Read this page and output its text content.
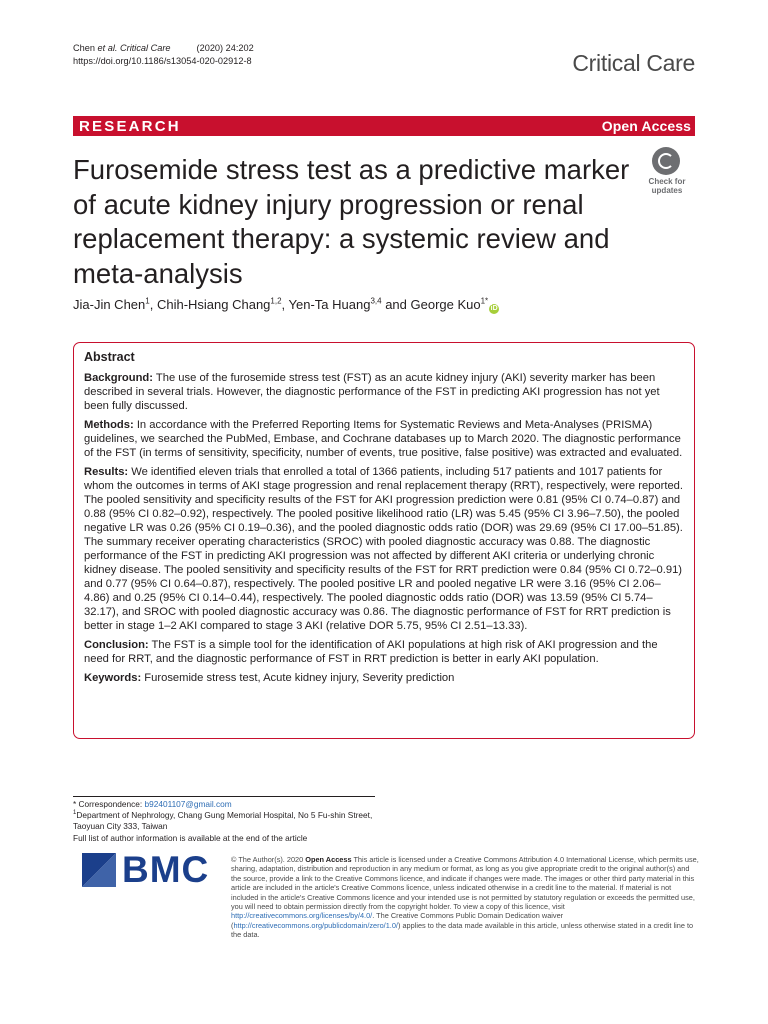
Chen et al. Critical Care	(2020) 24:202
https://doi.org/10.1186/s13054-020-02912-8	Critical Care
RESEARCH	Open Access
Furosemide stress test as a predictive marker of acute kidney injury progression or renal replacement therapy: a systemic review and meta-analysis
Check for
updates
Jia-Jin Chen$^1$, Chih-Hsiang Chang$^{1,2}$, Yen-Ta Huang$^{3,4}$ and George Kuo$^{1*}$iD
Abstract

Background: The use of the furosemide stress test (FST) as an acute kidney injury (AKI) severity marker has been described in several trials. However, the diagnostic performance of the FST in predicting AKI progression has not yet been fully discussed.

Methods: In accordance with the Preferred Reporting Items for Systematic Reviews and Meta-Analyses (PRISMA) guidelines, we searched the PubMed, Embase, and Cochrane databases up to March 2020. The diagnostic performance of the FST (in terms of sensitivity, specificity, number of events, true positive, false positive) was extracted and evaluated.

Results: We identified eleven trials that enrolled a total of 1366 patients, including 517 patients and 1017 patients for whom the outcomes in terms of AKI stage progression and renal replacement therapy (RRT), respectively, were reported. The pooled sensitivity and specificity results of the FST for AKI progression prediction were 0.81 (95% CI 0.74–0.87) and 0.88 (95% CI 0.82–0.92), respectively. The pooled positive likelihood ratio (LR) was 5.45 (95% CI 3.96–7.50), the pooled negative LR was 0.26 (95% CI 0.19–0.36), and the pooled diagnostic odds ratio (DOR) was 29.69 (95% CI 17.00–51.85). The summary receiver operating characteristics (SROC) with pooled diagnostic accuracy was 0.88. The diagnostic performance of the FST in predicting AKI progression was not affected by different AKI criteria or underlying chronic kidney disease. The pooled sensitivity and specificity results of the FST for RRT prediction were 0.84 (95% CI 0.72–0.91) and 0.77 (95% CI 0.64–0.87), respectively. The pooled positive LR and pooled negative LR were 3.16 (95% CI 2.06–4.86) and 0.25 (95% CI 0.14–0.44), respectively. The pooled diagnostic odds ratio (DOR) was 13.59 (95% CI 5.74–32.17), and SROC with pooled diagnostic accuracy was 0.86. The diagnostic performance of FST for RRT prediction is better in stage 1–2 AKI compared to stage 3 AKI (relative DOR 5.75, 95% CI 2.51–13.33).

Conclusion: The FST is a simple tool for the identification of AKI populations at high risk of AKI progression and the need for RRT, and the diagnostic performance of FST in RRT prediction is better in early AKI population.

Keywords: Furosemide stress test, Acute kidney injury, Severity prediction

* Correspondence: b92401107@gmail.com
$^1$Department of Nephrology, Chang Gung Memorial Hospital, No 5 Fu-shin Street, Taoyuan City 333, Taiwan
Full list of author information is available at the end of the article
BMC	© The Author(s). 2020 Open Access This article is licensed under a Creative Commons Attribution 4.0 International License, which permits use, sharing, adaptation, distribution and reproduction in any medium or format, as long as you give appropriate credit to the original author(s) and the source, provide a link to the Creative Commons licence, and indicate if changes were made. The images or other third party material in this article are included in the article's Creative Commons licence, unless indicated otherwise in a credit line to the material. If material is not included in the article's Creative Commons licence and your intended use is not permitted by statutory regulation or exceeds the permitted use, you will need to obtain permission directly from the copyright holder. To view a copy of this licence, visit http://creativecommons.org/licenses/by/4.0/. The Creative Commons Public Domain Dedication waiver (http://creativecommons.org/publicdomain/zero/1.0/) applies to the data made available in this article, unless otherwise stated in a credit line to the data.
